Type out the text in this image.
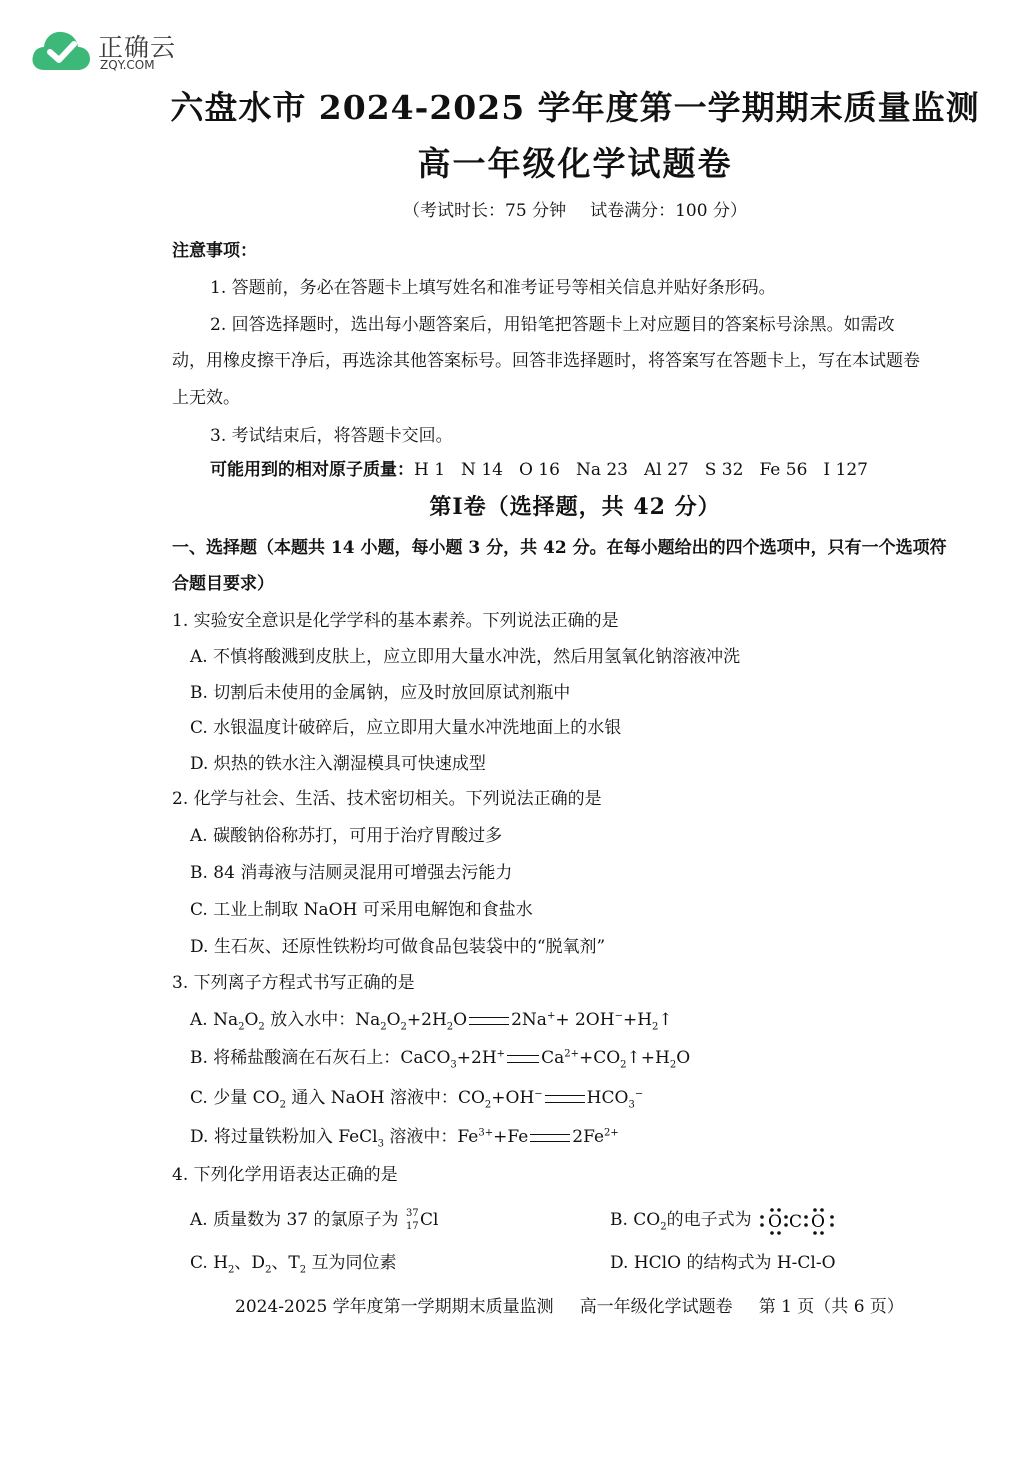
正确云
ZQY.COM
六盘水市 2024-2025 学年度第一学期期末质量监测
高一年级化学试题卷
（考试时长：75 分钟 试卷满分：100 分）
注意事项：
1. 答题前，务必在答题卡上填写姓名和准考证号等相关信息并贴好条形码。
2. 回答选择题时，选出每小题答案后，用铅笔把答题卡上对应题目的答案标号涂黑。如需改
动，用橡皮擦干净后，再选涂其他答案标号。回答非选择题时，将答案写在答题卡上，写在本试题卷
上无效。
3. 考试结束后，将答题卡交回。
可能用到的相对原子质量：H 1 N 14 O 16 Na 23 Al 27 S 32 Fe 56 I 127
第Ⅰ卷（选择题，共 42 分）
一、选择题（本题共 14 小题，每小题 3 分，共 42 分。在每小题给出的四个选项中，只有一个选项符
合题目要求）
1. 实验安全意识是化学学科的基本素养。下列说法正确的是
A. 不慎将酸溅到皮肤上，应立即用大量水冲洗，然后用氢氧化钠溶液冲洗
B. 切割后未使用的金属钠，应及时放回原试剂瓶中
C. 水银温度计破碎后，应立即用大量水冲洗地面上的水银
D. 炽热的铁水注入潮湿模具可快速成型
2. 化学与社会、生活、技术密切相关。下列说法正确的是
A. 碳酸钠俗称苏打，可用于治疗胃酸过多
B. 84 消毒液与洁厕灵混用可增强去污能力
C. 工业上制取 NaOH 可采用电解饱和食盐水
D. 生石灰、还原性铁粉均可做食品包装袋中的“脱氧剂”
3. 下列离子方程式书写正确的是
A. $Na_2O_2$ 放入水中：$Na_2O_2+2H_2O$	$2Na^++ 2OH^-+H_2↑$
B. 将稀盐酸滴在石灰石上：CaCO$_3$+2H+ $Ca^{2+}+CO_2↑+H_2O$
C. 少量 $CO_2$ 通入 NaOH 溶液中：$CO_2+OH^-$	$HCO_3^-$
D. 将过量铁粉加入 FeCl$_3$ 溶液中：$Fe^{3+}+Fe$	$2Fe^{2+}$
4. 下列化学用语表达正确的是
A. 质量数为 37 的氯原子为 37
17 Cl	B. $CO_2$的电子式为 O C O
C. $H_2$、$D_2$、$T_2$ 互为同位素	D. HClO 的结构式为 H-Cl-O
2024-2025 学年度第一学期期末质量监测 高一年级化学试题卷 第 1 页（共 6 页）
